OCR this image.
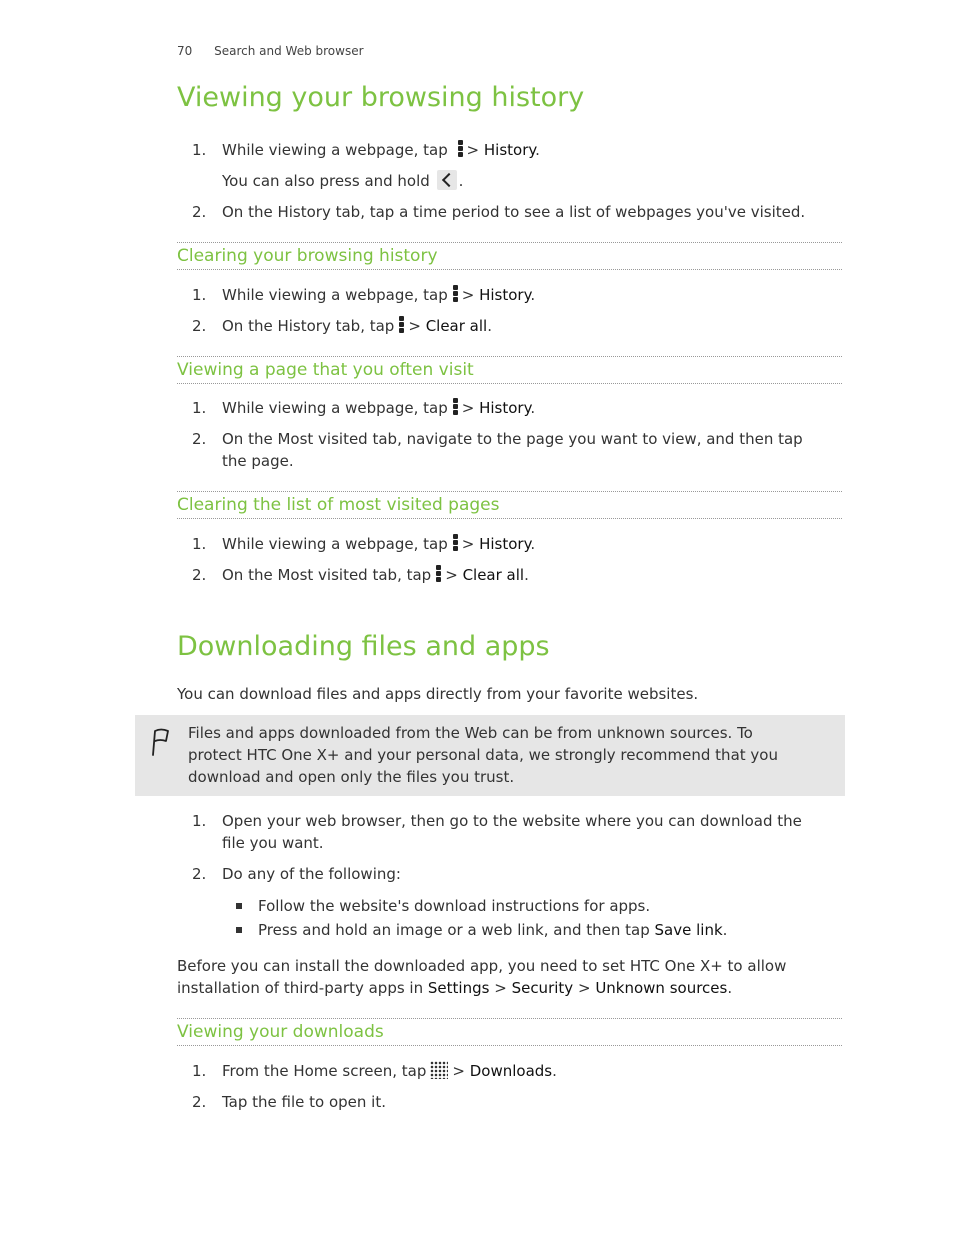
70 Search and Web browser
Viewing your browsing history
1.	While viewing a webpage, tap > History.
You can also press and hold .
2.	On the History tab, tap a time period to see a list of webpages you've visited.
Clearing your browsing history
1.	While viewing a webpage, tap > History.
2.	On the History tab, tap > Clear all.
Viewing a page that you often visit
1.	While viewing a webpage, tap > History.
2.	On the Most visited tab, navigate to the page you want to view, and then tap
the page.
Clearing the list of most visited pages
1.	While viewing a webpage, tap > History.
2.	On the Most visited tab, tap > Clear all.
Downloading files and apps
You can download files and apps directly from your favorite websites.
Files and apps downloaded from the Web can be from unknown sources. To
protect HTC One X+ and your personal data, we strongly recommend that you
download and open only the files you trust.
1.	Open your web browser, then go to the website where you can download the
file you want.
2.	Do any of the following:
Follow the website's download instructions for apps.
Press and hold an image or a web link, and then tap Save link.
Before you can install the downloaded app, you need to set HTC One X+ to allow
installation of third-party apps in Settings > Security > Unknown sources.
Viewing your downloads
1.	From the Home screen, tap > Downloads.
2.	Tap the file to open it.
